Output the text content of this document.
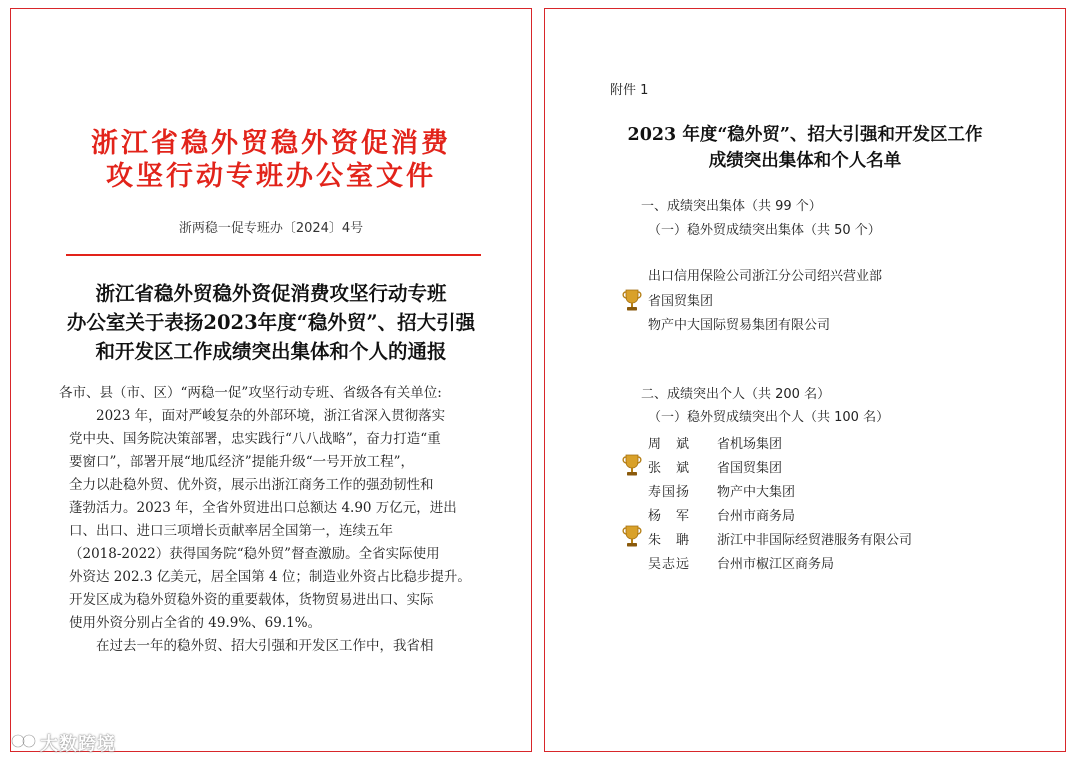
浙江省稳外贸稳外资促消费
攻坚行动专班办公室文件
浙两稳一促专班办〔2024〕4号
浙江省稳外贸稳外资促消费攻坚行动专班
办公室关于表扬2023年度“稳外贸”、招大引强
和开发区工作成绩突出集体和个人的通报
各市、县（市、区）“两稳一促”攻坚行动专班、省级各有关单位:
　　2023 年，面对严峻复杂的外部环境，浙江省深入贯彻落实
党中央、国务院决策部署，忠实践行“八八战略”，奋力打造“重
要窗口”，部署开展“地瓜经济”提能升级“一号开放工程”，
全力以赴稳外贸、优外资，展示出浙江商务工作的强劲韧性和
蓬勃活力。2023 年，全省外贸进出口总额达 4.90 万亿元，进出
口、出口、进口三项增长贡献率居全国第一，连续五年
（2018-2022）获得国务院“稳外贸”督查激励。全省实际使用
外资达 202.3 亿美元，居全国第 4 位；制造业外资占比稳步提升。
开发区成为稳外贸稳外资的重要载体，货物贸易进出口、实际
使用外资分别占全省的 49.9%、69.1%。
　　在过去一年的稳外贸、招大引强和开发区工作中，我省相
附件 1
2023 年度“稳外贸”、招大引强和开发区工作
成绩突出集体和个人名单
一、成绩突出集体（共 99 个）
（一）稳外贸成绩突出集体（共 50 个）
出口信用保险公司浙江分公司绍兴营业部
省国贸集团
物产中大国际贸易集团有限公司
二、成绩突出个人（共 200 名）
（一）稳外贸成绩突出个人（共 100 名）
周　斌 省机场集团
张　斌 省国贸集团
寿国扬 物产中大集团
杨　军 台州市商务局
朱　聃 浙江中非国际经贸港服务有限公司
吴志远 台州市椒江区商务局
大数跨境
